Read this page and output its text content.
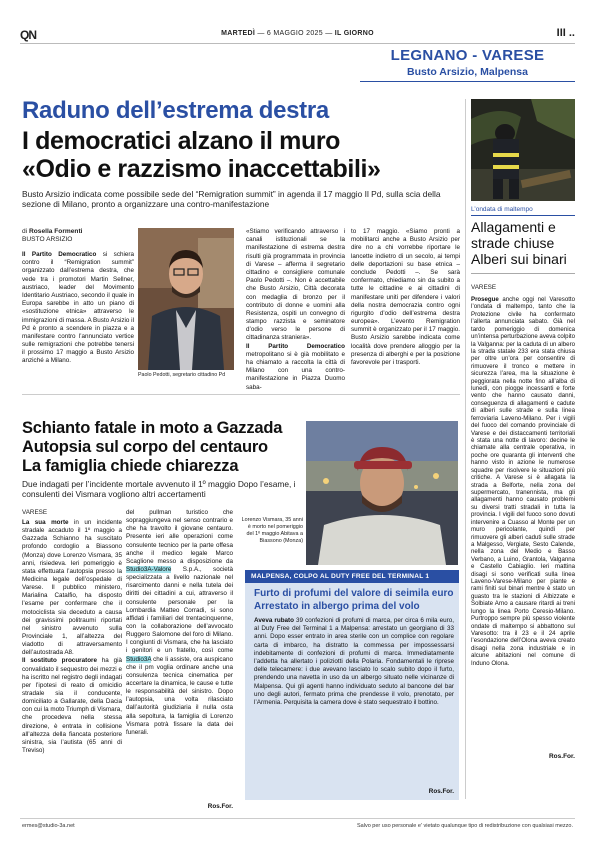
QN	MARTEDÌ — 6 MAGGIO 2025 — IL GIORNO	III ..
LEGNANO - VARESE
Busto Arsizio, Malpensa
Raduno dell’estrema destra
I democratici alzano il muro
«Odio e razzismo inaccettabili»
Busto Arsizio indicata come possibile sede del “Remigration summit” in agenda il 17 maggio Il Pd, sulla scia della sezione di Milano, pronto a organizzare una contro-manifestazione
di Rosella Formenti
BUSTO ARSIZIO
Il Partito Democratico si schiera contro il “Remigration summit” organizzato dall’estrema destra, che vede tra i promotori Martin Sellner, austriaco, leader del Movimento Identitario Austriaco, secondo il quale in Europa sarebbe in atto un piano di «sostituzione etnica» attraverso le immigrazioni di massa. A Busto Arsizio il Pd è pronto a scendere in piazza e a manifestare contro l’annunciato vertice sulle remigrazioni che potrebbe tenersi il prossimo 17 maggio a Busto Arsizio anziché a Milano.
Paolo Pedotti, segretario cittadino Pd
«Stiamo verificando attraverso i canali istituzionali se la manifestazione di estrema destra risulti già programmata in provincia di Varese – afferma il segretario cittadino e consigliere comunale Paolo Pedotti –. Non è accettabile che Busto Arsizio, Città decorata con medaglia di bronzo per il contributo di donne e uomini alla Resistenza, ospiti un convegno di stampo razzista e seminatore d’odio verso le persone di cittadinanza straniera».
Il Partito Democratico metropolitano si è già mobilitato e ha chiamato a raccolta la città di Milano con una contro-manifestazione in Piazza Duomo saba-
to 17 maggio. «Siamo pronti a mobilitarci anche a Busto Arsizio per dire no a chi vorrebbe riportare le lancette indietro di un secolo, ai tempi delle deportazioni su base etnica – conclude Pedotti –. Se sarà confermato, chiediamo sin da subito a tutte le cittadine e ai cittadini di manifestare uniti per difendere i valori della nostra democrazia contro ogni rigurgito d’odio dell’estrema destra europea». L’evento Remigration summit è organizzato per il 17 maggio. Busto Arsizio sarebbe indicata come località dove prendere alloggio per la presenza di alberghi e per la posizione favorevole per i trasporti.
L’ondata di maltempo
Allagamenti e strade chiuse Alberi sui binari
VARESE
Prosegue anche oggi nel Varesotto l’ondata di maltempo, tanto che la Protezione civile ha confermato l’allerta annunciata sabato. Già nel tardo pomeriggio di domenica un’intensa perturbazione aveva colpito la Valganna: per la caduta di un albero la strada statale 233 era stata chiusa per oltre un’ora per consentire di rimuovere il tronco e mettere in sicurezza l’area, ma la situazione è peggiorata nella notte fino all’alba di lunedì, con piogge incessanti e forte vento che hanno causato danni, conseguenza di allagamenti e cadute di alberi sulle strade e sulla linea ferroviaria Laveno-Milano. Per i vigili del fuoco del comando provinciale di Varese e dei distaccamenti territoriali è stata una notte di lavoro: decine le chiamate alla centrale operativa, in poche ore quaranta gli interventi che hanno visto in azione le numerose squadre per risolvere le situazioni più critiche. A Varese si è allagata la strada a Belforte, nella zona del supermercato, tranennista, ma gli allagamenti hanno causato problemi su diversi tratti stradali in tutta la provincia. I vigili del fuoco sono dovuti intervenire a Cuasso al Monte per un muro pericolante, quindi per rimuovere gli alberi caduti sulle strade a Malgesso, Vergiate, Sesto Calende, nella zona del Medio e Basso Verbano, a Luino, Grantola, Valganna e Castello Cabiaglio. Ieri mattina disagi si sono verificati sulla linea Laveno-Varese-Milano per piante e rami finiti sul binari mentre è stato un guasto tra le stazioni di Albizzate e Solbiate Arno a causare ritardi ai treni lungo la linea Porto Ceresio-Milano. Purtroppo sempre più spesso violente ondate di maltempo si abbattono sul Varesotto: tra il 23 e il 24 aprile l’esondazione dell’Olona aveva creato disagi nella zona industriale e in alcune abitazioni nel comune di Induno Olona.
Ros.For.
Schianto fatale in moto a Gazzada
Autopsia sul corpo del centauro
La famiglia chiede chiarezza
Due indagati per l’incidente mortale avvenuto il 1º maggio Dopo l’esame, i consulenti dei Vismara vogliono altri accertamenti
VARESE
La sua morte in un incidente stradale accaduto il 1º maggio a Gazzada Schianno ha suscitato profondo cordoglio a Biassono (Monza) dove Lorenzo Vismara, 35 anni, risiedeva. Ieri pomeriggio è stata effettuata l’autopsia presso la Medicina legale dell’ospedale di Varese. Il pubblico ministero, Marialina Catalfio, ha disposto l’esame per confermare che il motociclista sia deceduto a causa dei gravissimi politraumi riportati nel sinistro avvenuto sulla Provinciale 1, all’altezza del viadotto di attraversamento dell’autostrada A8.
Il sostituto procuratore ha già convalidato il sequestro dei mezzi e ha iscritto nel registro degli indagati per l’ipotesi di reato di omicidio stradale sia il conducente, domiciliato a Gallarate, della Dacia con cui la moto Triumph di Vismara, che procedeva nella stessa direzione, è entrata in collisione all’altezza della fiancata posteriore sinistra, sia l’autista (65 anni di Treviso)
del pullman turistico che sopraggiungeva nel senso contrario e che ha travolto il giovane centauro. Presente ieri alle operazioni come consulente tecnico per la parte offesa anche il medico legale Marco Scaglione messo a disposizione da Studio3A-Valore S.p.A., società specializzata a livello nazionale nel risarcimento danni e nella tutela dei diritti dei cittadini a cui, attraverso il consulente personale per la Lombardia Matteo Corradi, si sono affidati i familiari del trentacinquenne, con la collaborazione dell’avvocato Ruggero Salomone del foro di Milano. I congiunti di Vismara, che ha lasciato i genitori e un fratello, così come Studio3A che li assiste, ora auspicano che il pm voglia ordinare anche una consulenza tecnica cinematica per accertare la dinamica, le cause e tutte le responsabilità del sinistro. Dopo l’autopsia, una volta rilasciato dall’autorità giudiziaria il nulla osta alla sepoltura, la famiglia di Lorenzo Vismara potrà fissare la data dei funerali.
Ros.For.
Lorenzo Vismara, 35 anni è morto nel pomeriggio del 1º maggio Abitava a Biassono (Monza)
MALPENSA, COLPO AL DUTY FREE DEL TERMINAL 1
Furto di profumi del valore di seimila euro Arrestato in albergo prima del volo
Aveva rubato 39 confezioni di profumi di marca, per circa 6 mila euro, al Duty Free del Terminal 1 a Malpensa: arrestato un georgiano di 33 anni. Dopo esser entrato in area sterile con un complice con regolare carta di imbarco, ha distratto la commessa per impossessarsi indebitamente di confezioni di profumi di marca. Immediatamente l’addetta ha allertato i poliziotti della Polaria. Fondamentali le riprese delle telecamere: i due avevano lasciato lo scalo subito dopo il furto, prendendo una navetta in uso da un albergo situato nelle vicinanze di Malpensa. Qui gli agenti hanno individuato seduto al bancone del bar uno degli autori, fermato prima che prendesse il volo, prenotato, per l’Armenia. Perquisita la camera dove è stato sequestrato il bottino.
Ros.For.
ermes@studio-3a.net	Salvo per uso personale e' vietato qualunque tipo di redistribuzione con qualsiasi mezzo.
